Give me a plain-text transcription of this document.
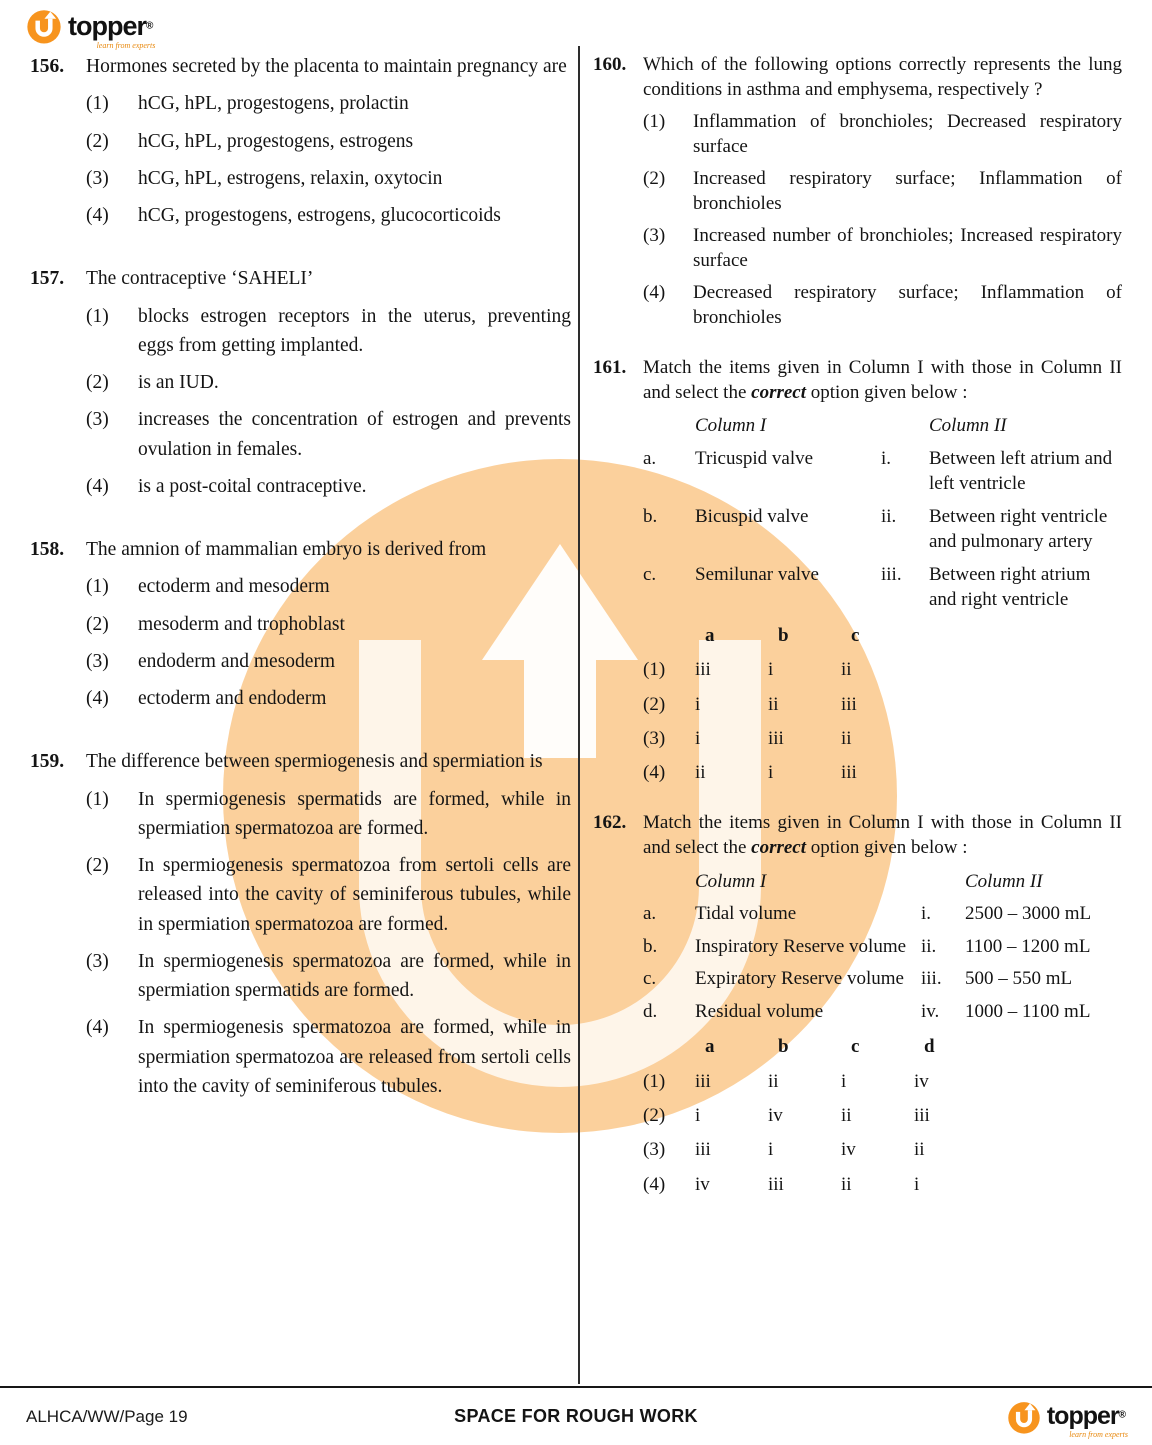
topper®
learn from experts
156.	Hormones secreted by the placenta to maintain pregnancy are
(1)	hCG, hPL, progestogens, prolactin
(2)	hCG, hPL, progestogens, estrogens
(3)	hCG, hPL, estrogens, relaxin, oxytocin
(4)	hCG, progestogens, estrogens, glucocorticoids
157.	The contraceptive ‘SAHELI’
(1)	blocks estrogen receptors in the uterus, preventing eggs from getting implanted.
(2)	is an IUD.
(3)	increases the concentration of estrogen and prevents ovulation in females.
(4)	is a post-coital contraceptive.
158.	The amnion of mammalian embryo is derived from
(1)	ectoderm and mesoderm
(2)	mesoderm and trophoblast
(3)	endoderm and mesoderm
(4)	ectoderm and endoderm
159.	The difference between spermiogenesis and spermiation is
(1)	In spermiogenesis spermatids are formed, while in spermiation spermatozoa are formed.
(2)	In spermiogenesis spermatozoa from sertoli cells are released into the cavity of seminiferous tubules, while in spermiation spermatozoa are formed.
(3)	In spermiogenesis spermatozoa are formed, while in spermiation spermatids are formed.
(4)	In spermiogenesis spermatozoa are formed, while in spermiation spermatozoa are released from sertoli cells into the cavity of seminiferous tubules.
160. Which of the following options correctly represents the lung conditions in asthma and emphysema, respectively ?
(1)	Inflammation of bronchioles; Decreased respiratory surface
(2)	Increased respiratory surface; Inflammation of bronchioles
(3)	Increased number of bronchioles; Increased respiratory surface
(4)	Decreased respiratory surface; Inflammation of bronchioles
161. Match the items given in Column I with those in Column II and select the correct option given below :
Column I	Column II
a.	Tricuspid valve	i.	Between left atrium and left ventricle
b.	Bicuspid valve	ii.	Between right ventricle and pulmonary artery
c.	Semilunar valve	iii.	Between right atrium and right ventricle
a	b	c
(1)	iii	i	ii
(2)	i	ii	iii
(3)	i	iii	ii
(4)	ii	i	iii
162. Match the items given in Column I with those in Column II and select the correct option given below :
Column I	Column II
a.	Tidal volume	i.	2500 – 3000 mL
b.	Inspiratory Reserve volume ii.	1100 – 1200 mL
c.	Expiratory Reserve volume iii.	500 – 550 mL
d.	Residual volume	iv.	1000 – 1100 mL
a	b	c	d
(1)	iii	ii	i	iv
(2)	i	iv	ii	iii
(3)	iii	i	iv	ii
(4)	iv	iii	ii	i
ALHCA/WW/Page 19	SPACE FOR ROUGH WORK	topper®
learn from experts
